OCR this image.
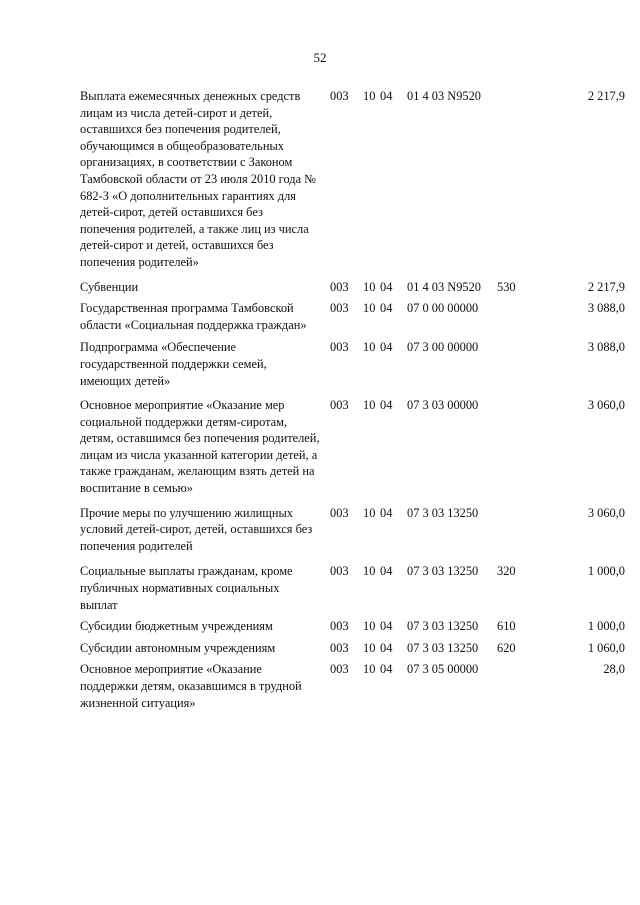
52
Выплата ежемесячных денежных средств лицам из числа детей-сирот и детей, оставшихся без попечения родителей, обучающимся в общеобразовательных организациях, в соответствии с Законом Тамбовской области от 23 июля 2010 года № 682-З «О дополнительных гарантиях для детей-сирот, детей оставшихся без попечения родителей, а также лиц из числа детей-сирот и детей, оставшихся без попечения родителей»
003 10 04 01 4 03 N9520	2 217,9
Субвенции	003 10 04 01 4 03 N9520 530	2 217,9
Государственная программа Тамбовской области «Социальная поддержка граждан»
003 10 04 07 0 00 00000	3 088,0
Подпрограмма «Обеспечение государственной поддержки семей, имеющих детей»
003 10 04 07 3 00 00000	3 088,0
Основное мероприятие «Оказание мер социальной поддержки детям-сиротам, детям, оставшимся без попечения родителей, лицам из числа указанной категории детей, а также гражданам, желающим взять детей на воспитание в семью»
003 10 04 07 3 03 00000	3 060,0
Прочие меры по улучшению жилищных условий детей-сирот, детей, оставшихся без попечения родителей
003 10 04 07 3 03 13250	3 060,0
Социальные выплаты гражданам, кроме публичных нормативных социальных выплат
003 10 04 07 3 03 13250 320	1 000,0
Субсидии бюджетным учреждениям	003 10 04 07 3 03 13250 610	1 000,0
Субсидии автономным учреждениям	003 10 04 07 3 03 13250 620	1 060,0
Основное мероприятие «Оказание поддержки детям, оказавшимся в трудной жизненной ситуация»
003 10 04 07 3 05 00000	28,0
